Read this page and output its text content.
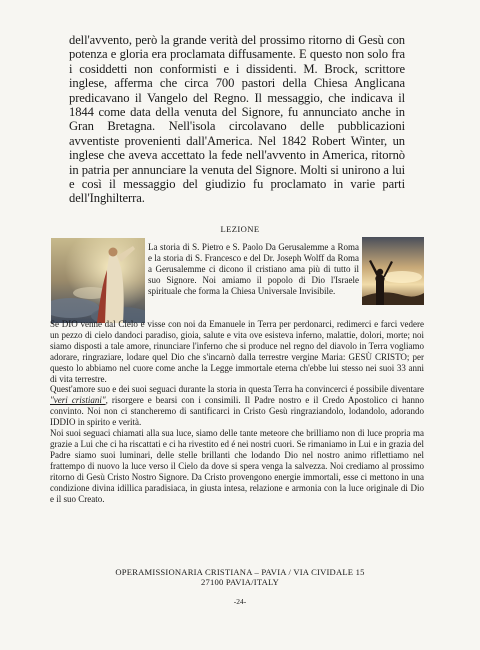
dell'avvento, però la grande verità del prossimo ritorno di Gesù con potenza e gloria era proclamata diffusamente. E questo non solo fra i cosiddetti non conformisti e i dissidenti. M. Brock, scrittore inglese, afferma che circa 700 pastori della Chiesa Anglicana predicavano il Vangelo del Regno. Il messaggio, che indicava il 1844 come data della venuta del Signore, fu annunciato anche in Gran Bretagna. Nell'isola circolavano delle pubblicazioni avventiste provenienti dall'America. Nel 1842 Robert Winter, un inglese che aveva accettato la fede nell'avvento in America, ritornò in patria per annunciare la venuta del Signore. Molti si unirono a lui e così il messaggio del giudizio fu proclamato in varie parti dell'Inghilterra.

LEZIONE

La storia di S. Pietro e S. Paolo Da Gerusalemme a Roma e la storia di S. Francesco e del Dr. Joseph Wolff da Roma a Gerusalemme ci dicono il cristiano ama più di tutto il suo Signore. Noi amiamo il popolo di Dio l'Israele spirituale che forma la Chiesa Universale Invisibile.

Se DIO venne dal Cielo e visse con noi da Emanuele in Terra per perdonarci, redimerci e farci vedere un pezzo di cielo dandoci paradiso, gioia, salute e vita ove esisteva inferno, malattie, dolori, morte; noi siamo disposti a tale amore, rinunciare l'inferno che si produce nel regno del diavolo in Terra vogliamo adorare, ringraziare, lodare quel Dio che s'incarnò dalla terrestre vergine Maria: GESÙ CRISTO; per questo lo abbiamo nel cuore come anche la Legge immortale eterna ch'ebbe lui stesso nei suoi 33 anni di vita terrestre.

Quest'amore suo e dei suoi seguaci durante la storia in questa Terra ha convincerci é possibile diventare "veri cristiani", risorgere e bearsi con i consimili. Il Padre nostro e il Credo Apostolico ci hanno convinto. Noi non ci stancheremo di santificarci in Cristo Gesù ringraziandolo, lodandolo, adorando IDDIO in spirito e verità.

Noi suoi seguaci chiamati alla sua luce, siamo delle tante meteore che brilliamo non di luce propria ma grazie a Lui che ci ha riscattati e ci ha rivestito ed é nei nostri cuori. Se rimaniamo in Lui e in grazia del Padre siamo suoi luminari, delle stelle brillanti che lodando Dio nel nostro animo riflettiamo nel frattempo di nuovo la luce verso il Cielo da dove si spera venga la salvezza. Noi crediamo al prossimo ritorno di Gesù Cristo Nostro Signore. Da Cristo provengono energie immortali, esse ci mettono in una condizione divina idillica paradisiaca, in giusta intesa, relazione e armonia con la luce originale di Dio e il suo Creato.

OPERAMISSIONARIA CRISTIANA – PAVIA / VIA CIVIDALE 15
27100 PAVIA/ITALY
-24-
